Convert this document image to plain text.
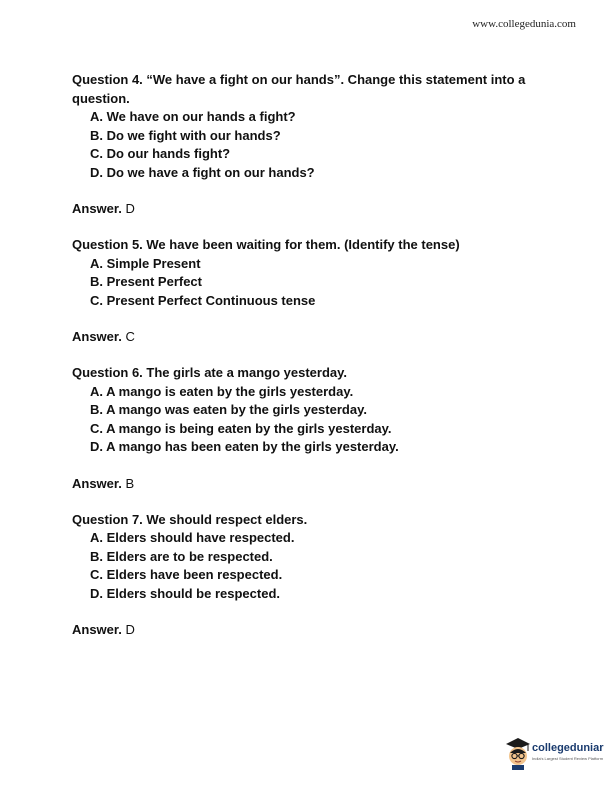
www.collegedunia.com

Question 4. “We have a fight on our hands”. Change this statement into a question.

A. We have on our hands a fight?
B. Do we fight with our hands?
C. Do our hands fight?
D. Do we have a fight on our hands?

Answer. D

Question 5. We have been waiting for them. (Identify the tense)

A. Simple Present
B. Present Perfect
C. Present Perfect Continuous tense

Answer. C

Question 6. The girls ate a mango yesterday.

A. A mango is eaten by the girls yesterday.
B. A mango was eaten by the girls yesterday.
C. A mango is being eaten by the girls yesterday.
D. A mango has been eaten by the girls yesterday.

Answer. B

Question 7. We should respect elders.

A. Elders should have respected.
B. Elders are to be respected.
C. Elders have been respected.
D. Elders should be respected.

Answer. D

collegeduniar
India's Largest Student Review Platform
